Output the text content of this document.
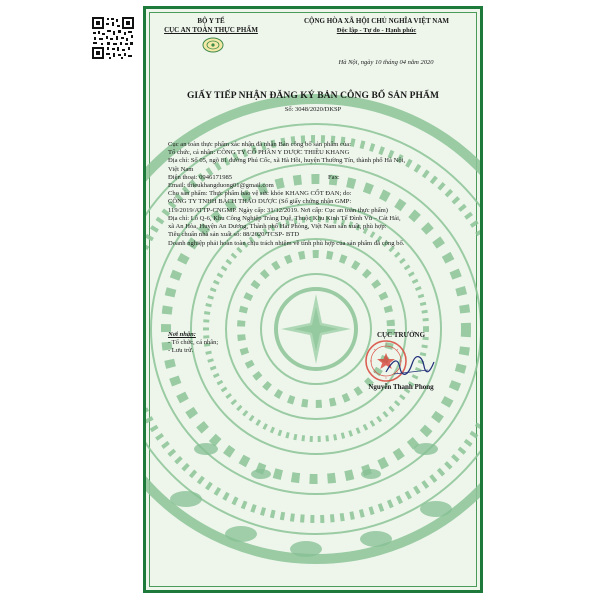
BỘ Y TẾ
CỤC AN TOÀN THỰC PHẨM
CỘNG HÒA XÃ HỘI CHỦ NGHĨA VIỆT NAM
Độc lập - Tự do - Hạnh phúc
Hà Nội, ngày 10 tháng 04 năm 2020
GIẤY TIẾP NHẬN ĐĂNG KÝ BẢN CÔNG BỐ SẢN PHẨM
Số: 3048/2020/DKSP
Cục an toàn thực phẩm xác nhận đã nhận Bản công bố sản phẩm của:
Tổ chức, cá nhân: CÔNG TY CỔ PHẦN Y DƯỢC THIỀU KHANG
Địa chỉ: Số 05, ngõ 81 đường Phú Cốc, xã Hà Hồi, huyện Thường Tín, thành phố Hà Nội,
Việt Nam
Điện thoại: 0946171985	Fax:
Email: thieukhangduong01@gmail.com
Cho sản phẩm: Thực phẩm bảo vệ sức khỏe KHANG CỐT ĐAN; do:
CÔNG TY TNHH BÁCH THẢO DƯỢC (Số giấy chứng nhận GMP:
119/2019/ATTP-CNGMP. Ngày cấp: 31/12/2019. Nơi cấp: Cục an toàn thực phẩm)
Địa chỉ: Lô Q-6, Khu Công Nghiệp Tràng Duệ, Thuộc Khu Kinh Tế Đình Vũ – Cát Hải,
xã An Hòa, Huyện An Dương, Thành phố Hải Phòng, Việt Nam sản xuất, phù hợp:
Tiêu chuẩn nhà sản xuất số: 88/2020/TCSP- BTD
Doanh nghiệp phải hoàn toàn chịu trách nhiệm về tính phù hợp của sản phẩm đã công bố.
Nơi nhận:
- Tổ chức, cá nhân;
- Lưu trữ.
CỤC TRƯỞNG
Nguyễn Thanh Phong
